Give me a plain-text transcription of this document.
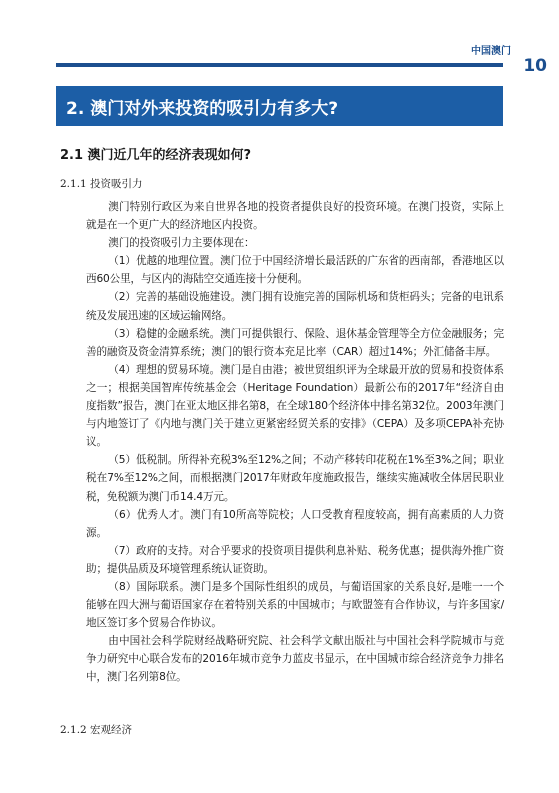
中国澳门
10
2. 澳门对外来投资的吸引力有多大?
2.1 澳门近几年的经济表现如何?
2.1.1 投资吸引力

澳门特别行政区为来自世界各地的投资者提供良好的投资环境。在澳门投资，实际上就是在一个更广大的经济地区内投资。

澳门的投资吸引力主要体现在：

（1）优越的地理位置。澳门位于中国经济增长最活跃的广东省的西南部，香港地区以西60公里，与区内的海陆空交通连接十分便利。

（2）完善的基础设施建设。澳门拥有设施完善的国际机场和货柜码头；完备的电讯系统及发展迅速的区域运输网络。

（3）稳健的金融系统。澳门可提供银行、保险、退休基金管理等全方位金融服务；完善的融资及资金清算系统；澳门的银行资本充足比率（CAR）超过14%；外汇储备丰厚。

（4）理想的贸易环境。澳门是自由港；被世贸组织评为全球最开放的贸易和投资体系之一；根据美国智库传统基金会（Heritage Foundation）最新公布的2017年“经济自由度指数”报告，澳门在亚太地区排名第8，在全球180个经济体中排名第32位。2003年澳门与内地签订了《内地与澳门关于建立更紧密经贸关系的安排》（CEPA）及多项CEPA补充协议。

（5）低税制。所得补充税3%至12%之间；不动产移转印花税在1%至3%之间；职业税在7%至12%之间，而根据澳门2017年财政年度施政报告，继续实施减收全体居民职业税，免税额为澳门币14.4万元。

（6）优秀人才。澳门有10所高等院校；人口受教育程度较高，拥有高素质的人力资源。

（7）政府的支持。对合乎要求的投资项目提供利息补贴、税务优惠；提供海外推广资助；提供品质及环境管理系统认证资助。

（8）国际联系。澳门是多个国际性组织的成员，与葡语国家的关系良好,是唯一一个能够在四大洲与葡语国家存在着特别关系的中国城市；与欧盟签有合作协议，与许多国家/地区签订多个贸易合作协议。

由中国社会科学院财经战略研究院、社会科学文献出版社与中国社会科学院城市与竞争力研究中心联合发布的2016年城市竞争力蓝皮书显示，在中国城市综合经济竞争力排名中，澳门名列第8位。

2.1.2 宏观经济
